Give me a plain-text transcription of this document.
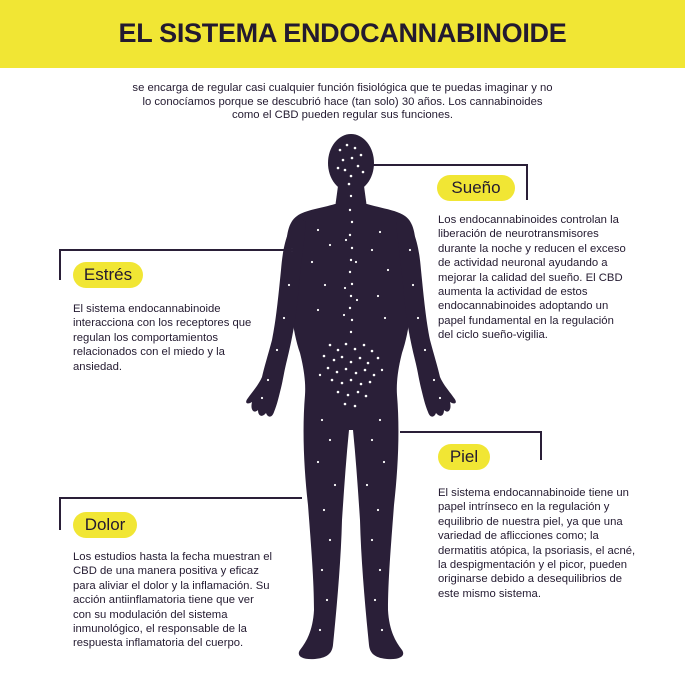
EL SISTEMA ENDOCANNABINOIDE
se encarga de regular casi cualquier función fisiológica que te puedas imaginar y no lo conocíamos porque se descubrió hace (tan solo) 30 años. Los cannabinoides como el CBD pueden regular sus funciones.
Sueño
Los endocannabinoides controlan la liberación de neurotransmisores durante la noche y reducen el exceso de actividad neuronal ayudando a mejorar la calidad del sueño. El CBD aumenta la actividad de estos endocannabinoides adoptando un papel fundamental en la regulación del ciclo sueño-vigilia.
Estrés
El sistema endocannabinoide interacciona con los receptores que regulan los comportamientos relacionados con el miedo y la ansiedad.
Piel
El sistema endocannabinoide tiene un papel intrínseco en la regulación y equilibrio de nuestra piel, ya que una variedad de aflicciones como; la dermatitis atópica, la psoriasis, el acné, la despigmentación y el picor, pueden originarse debido a desequilibrios de este mismo sistema.
Dolor
Los estudios hasta la fecha muestran el CBD de una manera positiva y eficaz para aliviar el dolor y la inflamación. Su acción antiinflamatoria tiene que ver con su modulación del sistema inmunológico, el responsable de la respuesta inflamatoria del cuerpo.
